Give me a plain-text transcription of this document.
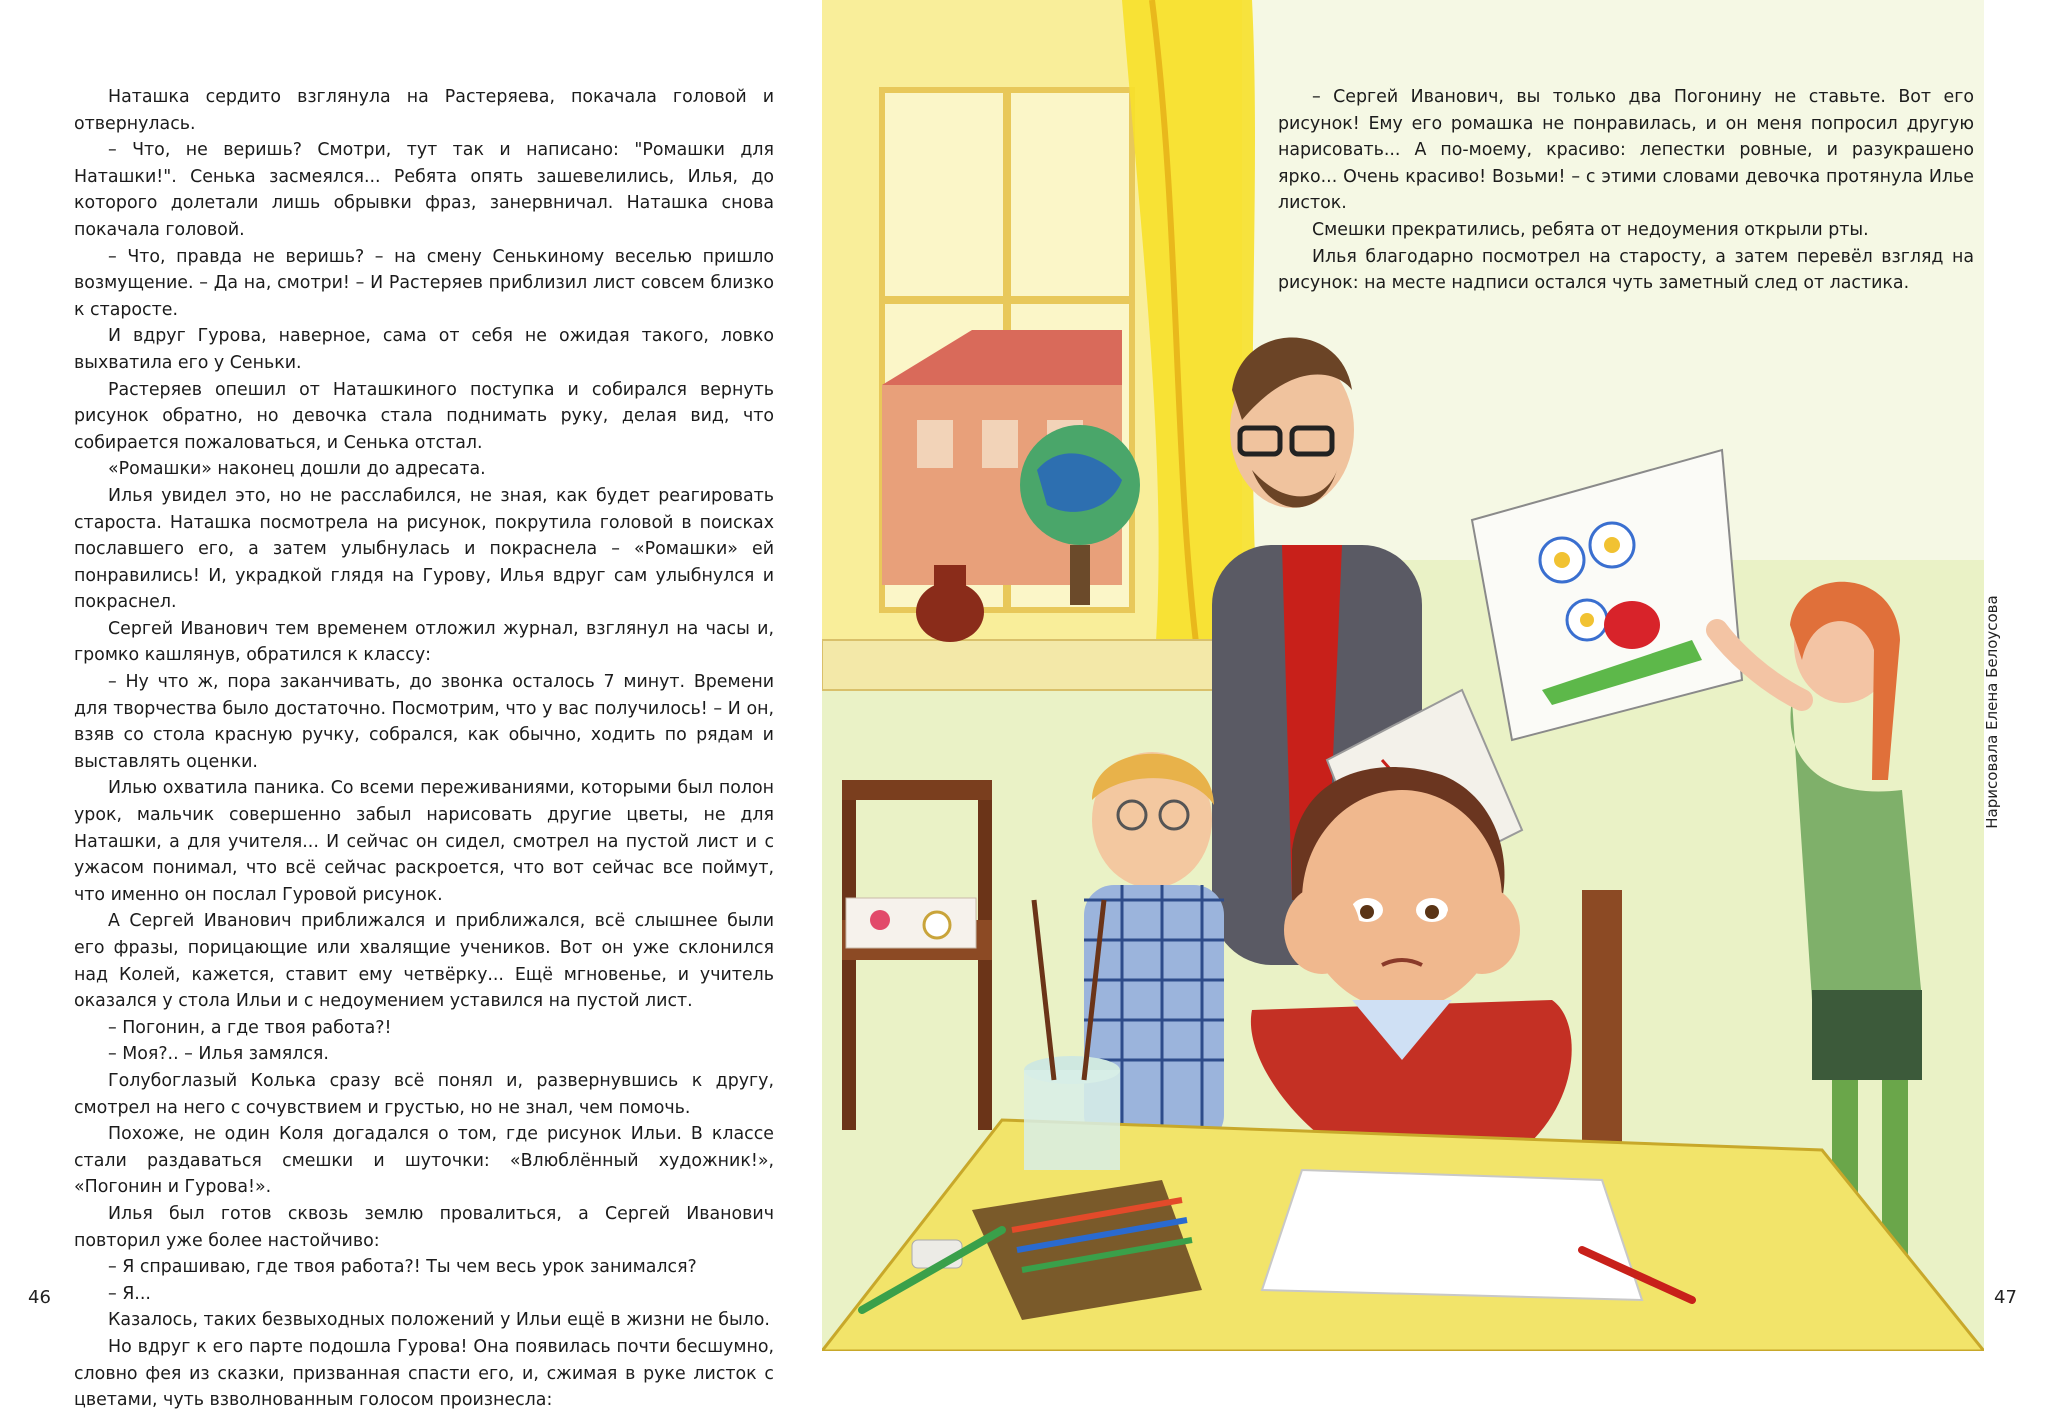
Наташка сердито взглянула на Растеряева, покачала головой и отвернулась.

– Что, не веришь? Смотри, тут так и написано: "Ромашки для Наташки!". Сенька засмеялся... Ребята опять зашевелились, Илья, до которого долетали лишь обрывки фраз, занервничал. Наташка снова покачала головой.

– Что, правда не веришь? – на смену Сенькиному веселью пришло возмущение. – Да на, смотри! – И Растеряев приблизил лист совсем близко к старосте.

И вдруг Гурова, наверное, сама от себя не ожидая такого, ловко выхватила его у Сеньки.

Растеряев опешил от Наташкиного поступка и собирался вернуть рисунок обратно, но девочка стала поднимать руку, делая вид, что собирается пожаловаться, и Сенька отстал.

«Ромашки» наконец дошли до адресата.

Илья увидел это, но не расслабился, не зная, как будет реагировать староста. Наташка посмотрела на рисунок, покрутила головой в поисках пославшего его, а затем улыбнулась и покраснела – «Ромашки» ей понравились! И, украдкой глядя на Гурову, Илья вдруг сам улыбнулся и покраснел.

Сергей Иванович тем временем отложил журнал, взглянул на часы и, громко кашлянув, обратился к классу:

– Ну что ж, пора заканчивать, до звонка осталось 7 минут. Времени для творчества было достаточно. Посмотрим, что у вас получилось! – И он, взяв со стола красную ручку, собрался, как обычно, ходить по рядам и выставлять оценки.

Илью охватила паника. Со всеми переживаниями, которыми был полон урок, мальчик совершенно забыл нарисовать другие цветы, не для Наташки, а для учителя... И сейчас он сидел, смотрел на пустой лист и с ужасом понимал, что всё сейчас раскроется, что вот сейчас все поймут, что именно он послал Гуровой рисунок.

А Сергей Иванович приближался и приближался, всё слышнее были его фразы, порицающие или хвалящие учеников. Вот он уже склонился над Колей, кажется, ставит ему четвёрку... Ещё мгновенье, и учитель оказался у стола Ильи и с недоумением уставился на пустой лист.

– Погонин, а где твоя работа?!

– Моя?.. – Илья замялся.

Голубоглазый Колька сразу всё понял и, развернувшись к другу, смотрел на него с сочувствием и грустью, но не знал, чем помочь.

Похоже, не один Коля догадался о том, где рисунок Ильи. В классе стали раздаваться смешки и шуточки: «Влюблённый художник!», «Погонин и Гурова!».

Илья был готов сквозь землю провалиться, а Сергей Иванович повторил уже более настойчиво:

– Я спрашиваю, где твоя работа?! Ты чем весь урок занимался?

– Я...

Казалось, таких безвыходных положений у Ильи ещё в жизни не было.

Но вдруг к его парте подошла Гурова! Она появилась почти бесшумно, словно фея из сказки, призванная спасти его, и, сжимая в руке листок с цветами, чуть взволнованным голосом произнесла:

46

– Сергей Иванович, вы только два Погонину не ставьте. Вот его рисунок! Ему его ромашка не понравилась, и он меня попросил другую нарисовать... А по-моему, красиво: лепестки ровные, и разукрашено ярко... Очень красиво! Возьми! – с этими словами девочка протянула Илье листок.

Смешки прекратились, ребята от недоумения открыли рты.

Илья благодарно посмотрел на старосту, а затем перевёл взгляд на рисунок: на месте надписи остался чуть заметный след от ластика.

Нарисовала Елена Белоусова
47
